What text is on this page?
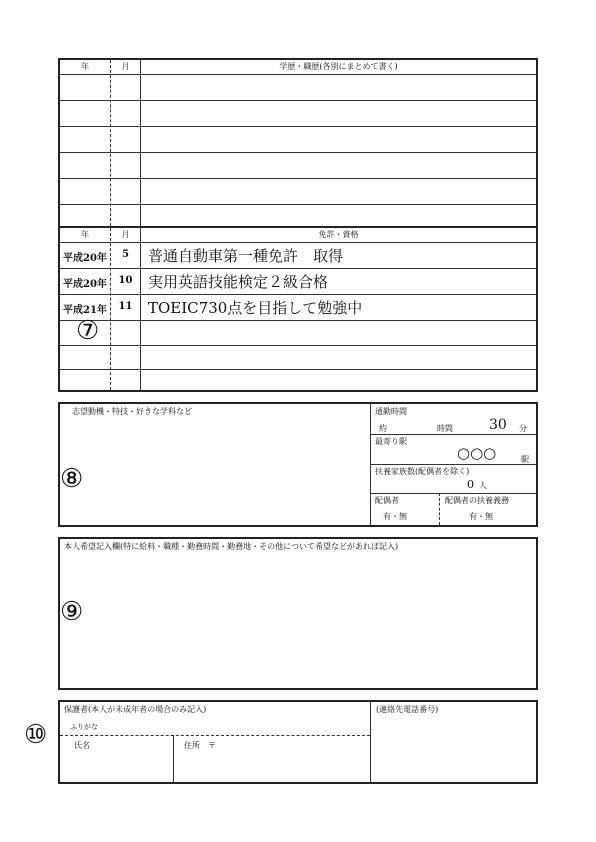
年	月	学歴・職歴(各別にまとめて書く)
年	月	免許・資格
平成20年	5	普通自動車第一種免許　取得
平成20年	10	実用英語技能検定２級合格
平成21年	11	TOEIC730点を目指して勉強中
⑦
志望動機・特技・好きな学科など
⑧
通勤時間
約	時間	30 分
最寄り駅
○○○	駅
扶養家族数(配偶者を除く)
0 人
配偶者
有・無
配偶者の扶養義務
有・無
本人希望記入欄(特に給料・職種・勤務時間・勤務地・その他について希望などがあれば記入)
⑨
保護者(本人が未成年者の場合のみ記入)
ふりがな
氏名	住所　〒
(連絡先電話番号)
⑩
